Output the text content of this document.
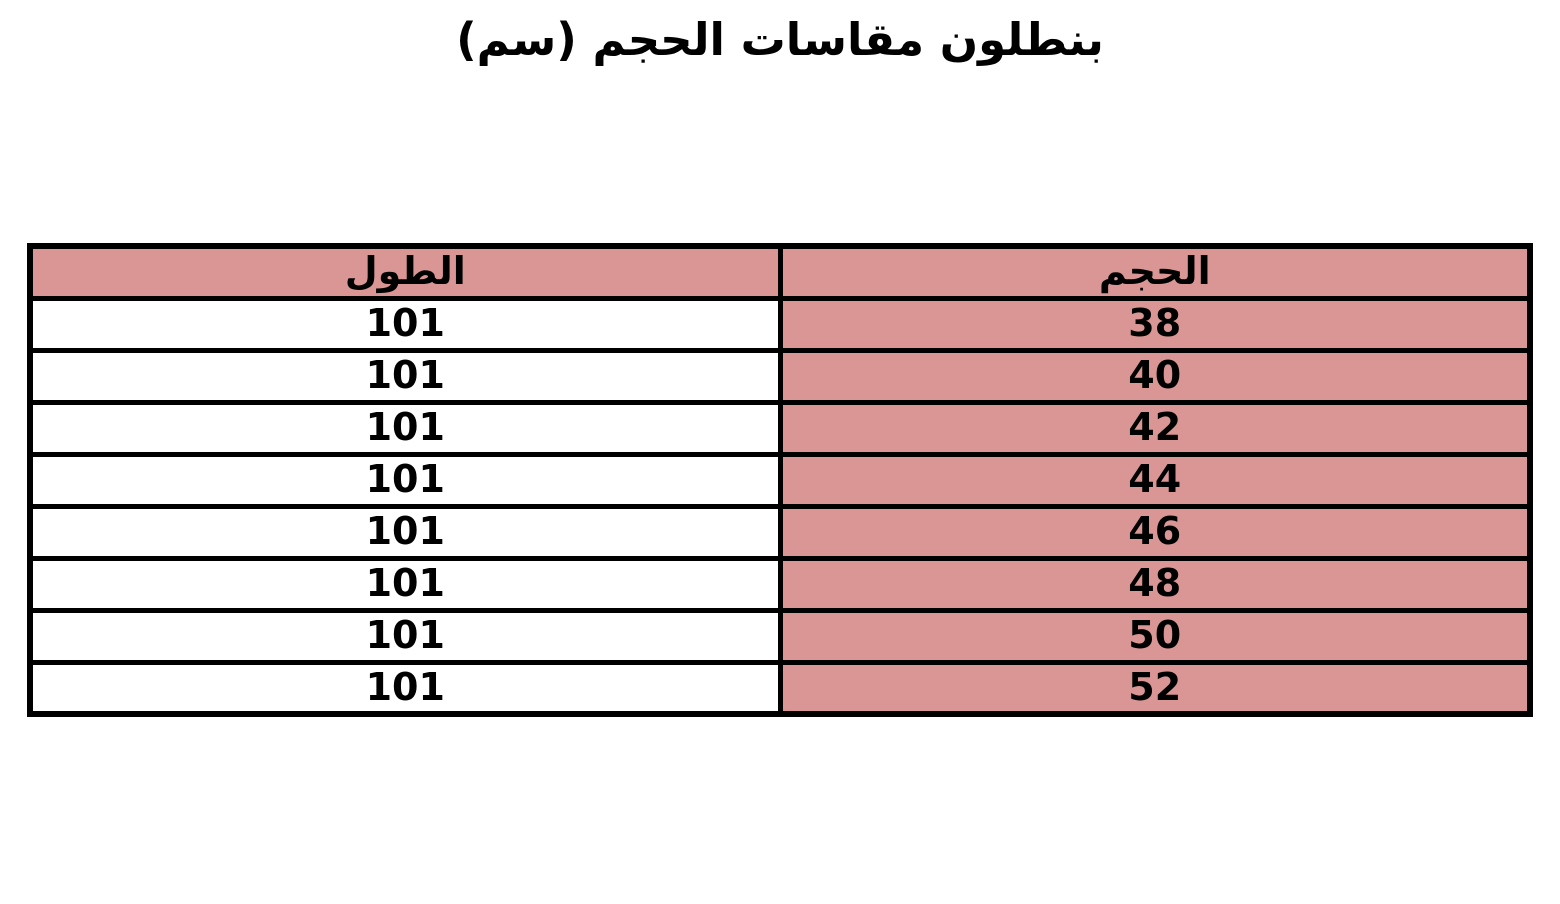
بنطلون مقاسات الحجم (سم)
الحجم	الطول
38	101
40	101
42	101
44	101
46	101
48	101
50	101
52	101
